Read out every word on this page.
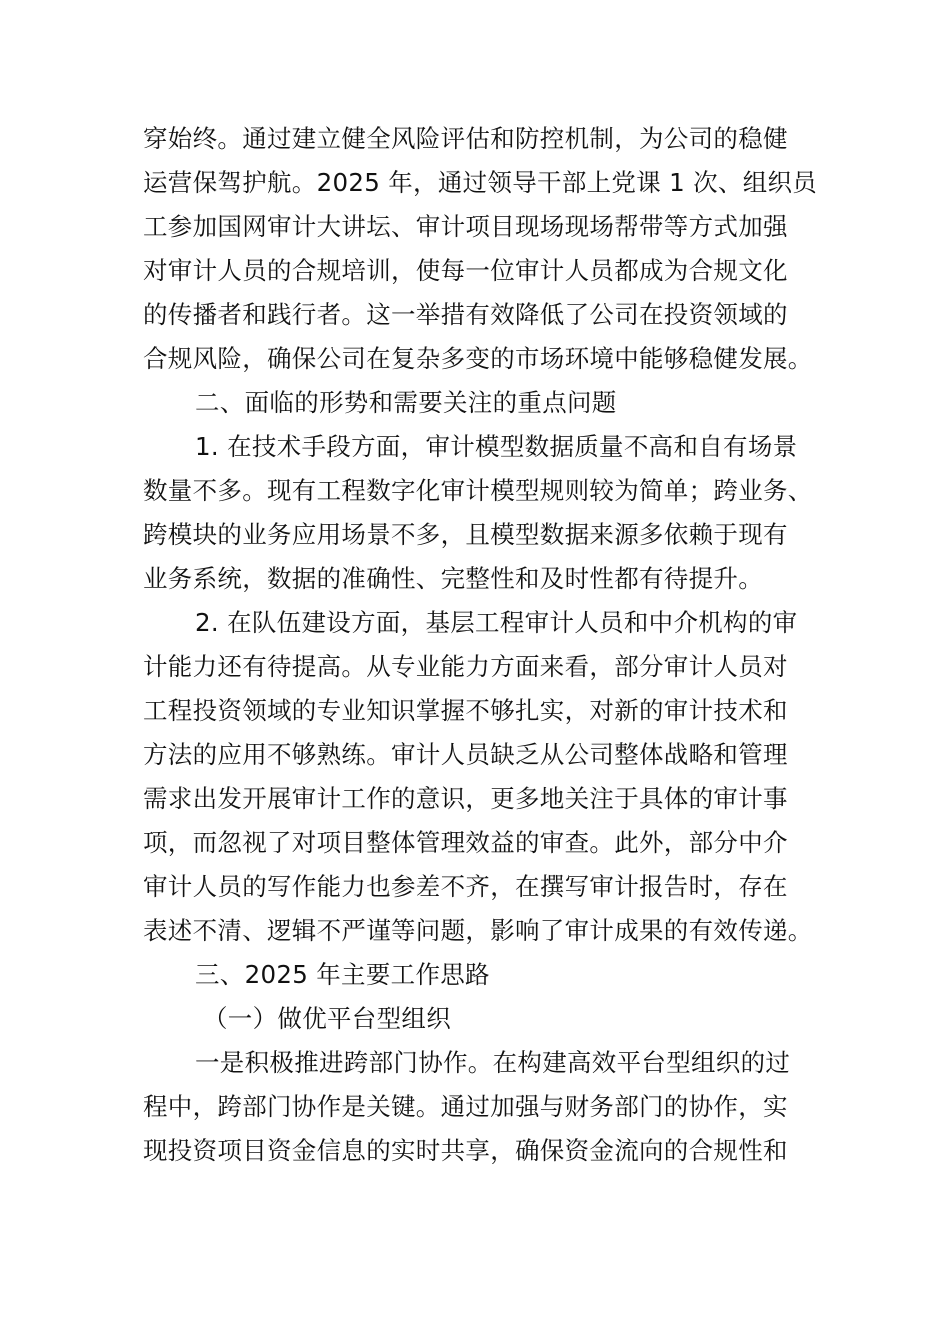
穿始终。通过建立健全风险评估和防控机制，为公司的稳健
运营保驾护航。2025 年，通过领导干部上党课 1 次、组织员
工参加国网审计大讲坛、审计项目现场现场帮带等方式加强
对审计人员的合规培训，使每一位审计人员都成为合规文化
的传播者和践行者。这一举措有效降低了公司在投资领域的
合规风险，确保公司在复杂多变的市场环境中能够稳健发展。
二、面临的形势和需要关注的重点问题
1. 在技术手段方面，审计模型数据质量不高和自有场景
数量不多。现有工程数字化审计模型规则较为简单；跨业务、
跨模块的业务应用场景不多，且模型数据来源多依赖于现有
业务系统，数据的准确性、完整性和及时性都有待提升。
2. 在队伍建设方面，基层工程审计人员和中介机构的审
计能力还有待提高。从专业能力方面来看，部分审计人员对
工程投资领域的专业知识掌握不够扎实，对新的审计技术和
方法的应用不够熟练。审计人员缺乏从公司整体战略和管理
需求出发开展审计工作的意识，更多地关注于具体的审计事
项，而忽视了对项目整体管理效益的审查。此外，部分中介
审计人员的写作能力也参差不齐，在撰写审计报告时，存在
表述不清、逻辑不严谨等问题，影响了审计成果的有效传递。
三、2025 年主要工作思路
（一）做优平台型组织
一是积极推进跨部门协作。在构建高效平台型组织的过
程中，跨部门协作是关键。通过加强与财务部门的协作，实
现投资项目资金信息的实时共享，确保资金流向的合规性和
